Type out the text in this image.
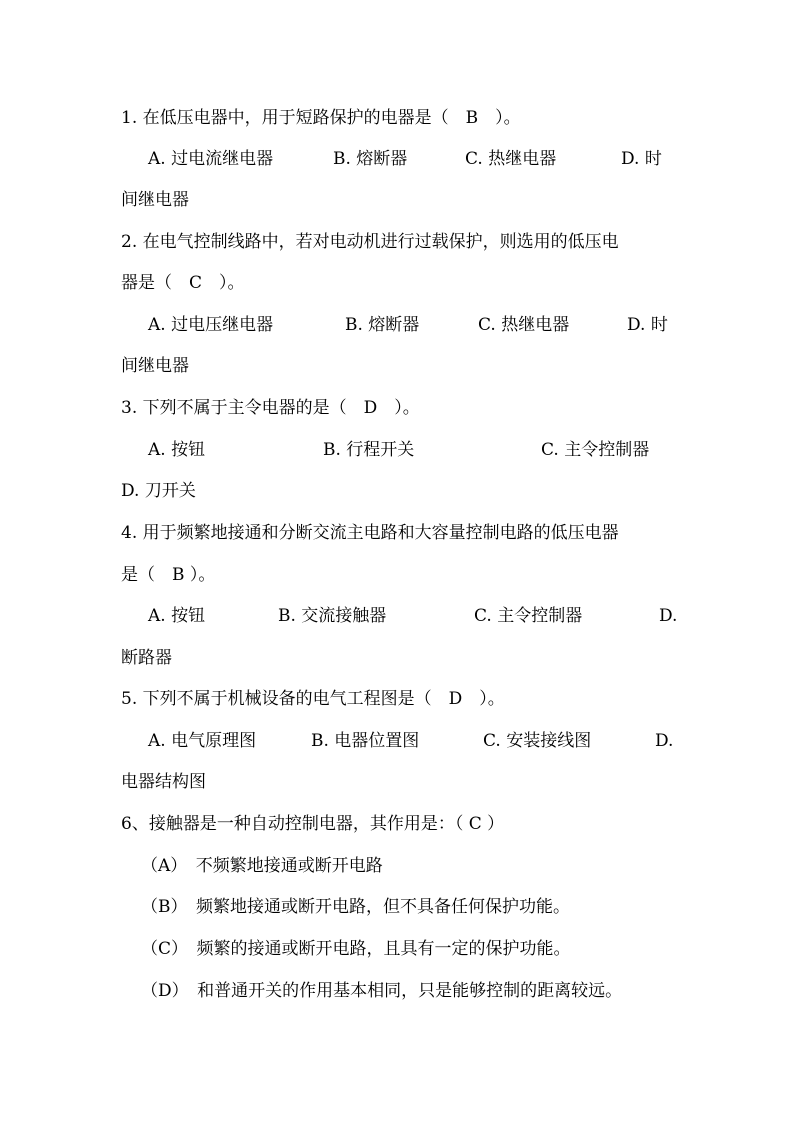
1. 在低压电器中，用于短路保护的电器是（　B　）。
A. 过电流继电器	B. 熔断器	C. 热继电器	D. 时
间继电器
2. 在电气控制线路中，若对电动机进行过载保护，则选用的低压电
器是（　C　）。
A. 过电压继电器	B. 熔断器	C. 热继电器	D. 时
间继电器
3. 下列不属于主令电器的是（　D　）。
A. 按钮	B. 行程开关	C. 主令控制器
D. 刀开关
4. 用于频繁地接通和分断交流主电路和大容量控制电路的低压电器
是（　B ）。
A. 按钮	B. 交流接触器	C. 主令控制器	D.
断路器
5. 下列不属于机械设备的电气工程图是（　D　）。
A. 电气原理图	B. 电器位置图	C. 安装接线图	D.
电器结构图
6、接触器是一种自动控制电器，其作用是：（ C ）
（A）　不频繁地接通或断开电路
（B）　频繁地接通或断开电路，但不具备任何保护功能。
（C）　频繁的接通或断开电路，且具有一定的保护功能。
（D）　和普通开关的作用基本相同，只是能够控制的距离较远。
